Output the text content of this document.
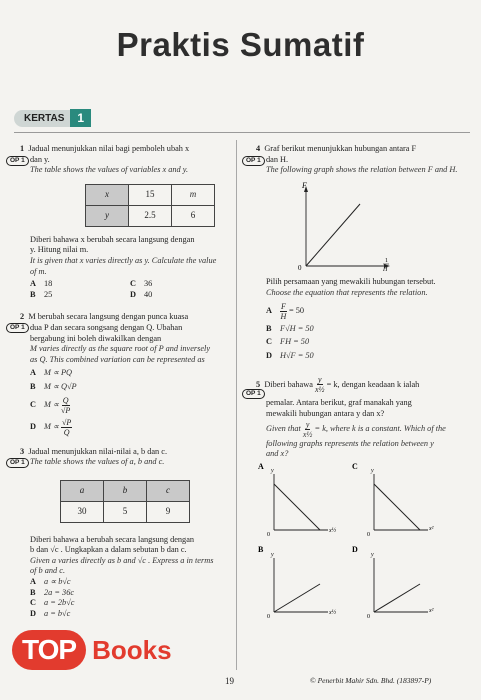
Praktis Sumatif
KERTAS	1
OP 1

1 Jadual menunjukkan nilai bagi pemboleh ubah x

dan y.

The table shows the values of variables x and y.

x	15	m
y	2.5	6

Diberi bahawa x berubah secara langsung dengan

y. Hitung nilai m.

It is given that x varies directly as y. Calculate the value

of m.

A 18	C 36
B	25	D 40
OP 1

2 M berubah secara langsung dengan punca kuasa

dua P dan secara songsang dengan Q. Ubahan

bergabung ini boleh diwakilkan dengan

M varies directly as the square root of P and inversely

as Q. This combined variation can be represented as

A M ∝ PQ
B	M ∝ Q√P
C M ∝
$\frac{Q}{√P}$
D M ∝
$\frac{√P}{Q}$
OP 1

3 Jadual menunjukkan nilai-nilai a, b dan c.

The table shows the values of a, b and c.

a	b	c
30	5	9

Diberi bahawa a berubah secara langsung dengan

b dan √c . Ungkapkan a dalam sebutan b dan c.

Given a varies directly as b and √c . Express a in terms

of b and c.

A a ∝ b√c
B	2a = 36c
C a = 2b√c
D a = b√c
OP 1

4 Graf berikut menunjukkan hubungan antara F

dan H.

The following graph shows the relation between F and H.

F
0
1
H

Pilih persamaan yang mewakili hubungan tersebut.

Choose the equation that represents the relation.

A	$\frac{F}{H}$
= 50
B	F√H = 50
C FH = 50
D H√F = 50
OP 1

5
Diberi bahawa
$\frac{y}{\text{x½}}$
= k, dengan keadaan k ialah

pemalar. Antara berikut, graf manakah yang

mewakili hubungan antara y dan x?

Given that
$\frac{y}{\text{x½}}$
= k, where k is a constant. Which of the

following graphs represents the relation between y

and x?

A y
0
x½
C y
0
x²
B
y
0
x½
D
y
0
x²
TOP Books
19	© Penerbit Mahir Sdn. Bhd. (183897-P)
